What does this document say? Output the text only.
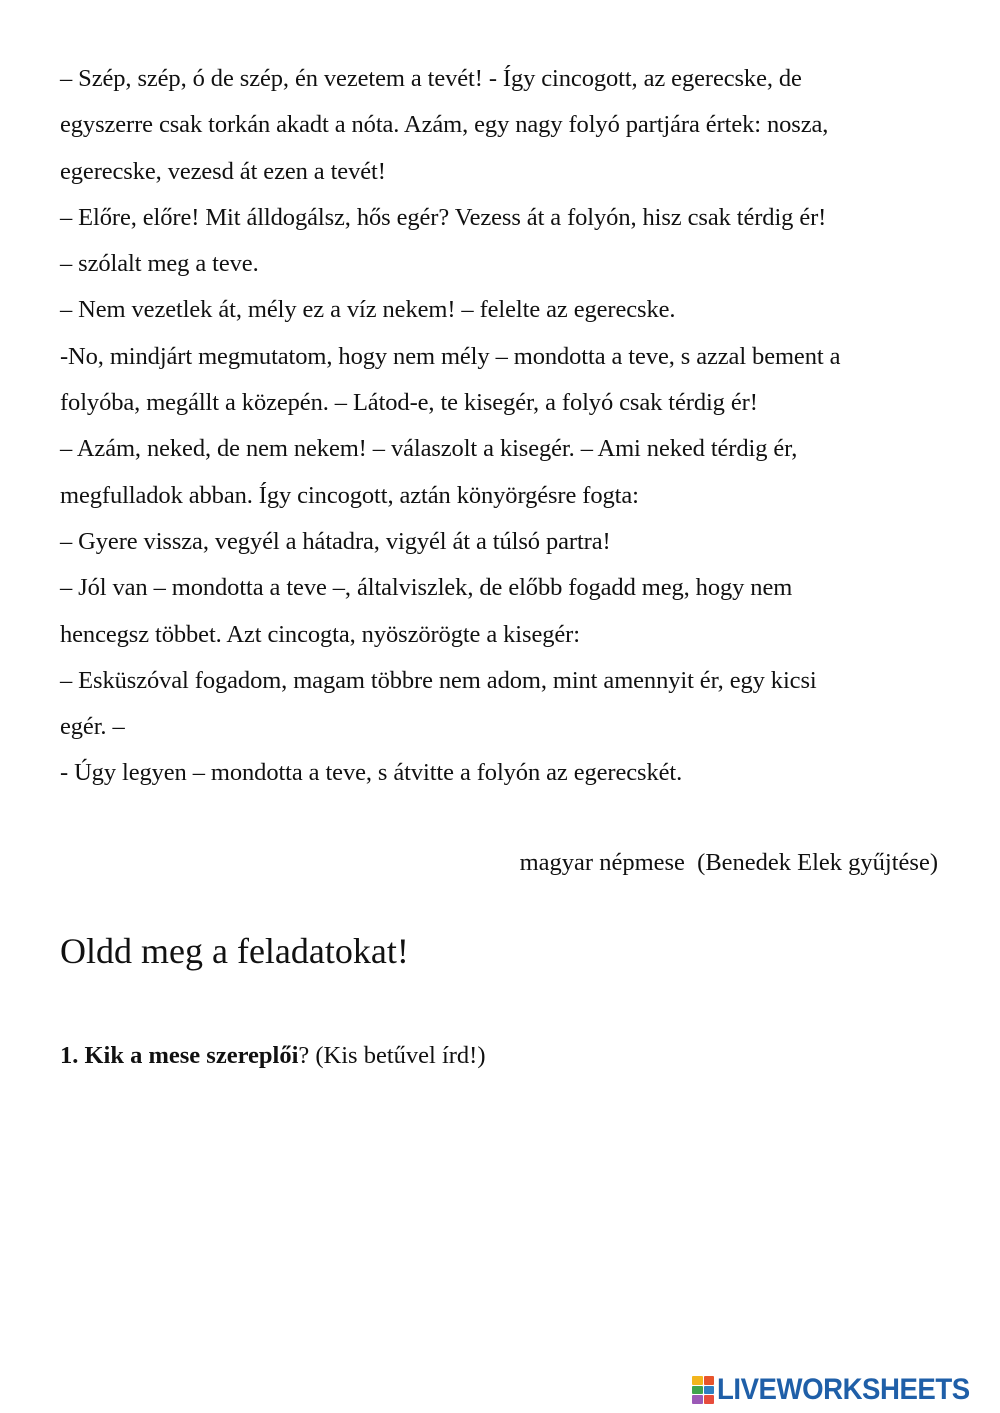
– Szép, szép, ó de szép, én vezetem a tevét! - Így cincogott, az egerecske, de
egyszerre csak torkán akadt a nóta. Azám, egy nagy folyó partjára értek: nosza,
egerecske, vezesd át ezen a tevét!
– Előre, előre! Mit álldogálsz, hős egér? Vezess át a folyón, hisz csak térdig ér!
– szólalt meg a teve.
– Nem vezetlek át, mély ez a víz nekem! – felelte az egerecske.
-No, mindjárt megmutatom, hogy nem mély – mondotta a teve, s azzal bement a
folyóba, megállt a közepén. – Látod-e, te kisegér, a folyó csak térdig ér!
– Azám, neked, de nem nekem! – válaszolt a kisegér. – Ami neked térdig ér,
megfulladok abban. Így cincogott, aztán könyörgésre fogta:
– Gyere vissza, vegyél a hátadra, vigyél át a túlsó partra!
– Jól van – mondotta a teve –, általviszlek, de előbb fogadd meg, hogy nem
hencegsz többet. Azt cincogta, nyöszörögte a kisegér:
– Esküszóval fogadom, magam többre nem adom, mint amennyit ér, egy kicsi
egér. –
- Úgy legyen – mondotta a teve, s átvitte a folyón az egerecskét.
magyar népmese  (Benedek Elek gyűjtése)
Oldd meg a feladatokat!
1. Kik a mese szereplői? (Kis betűvel írd!)
LIVEWORKSHEETS
